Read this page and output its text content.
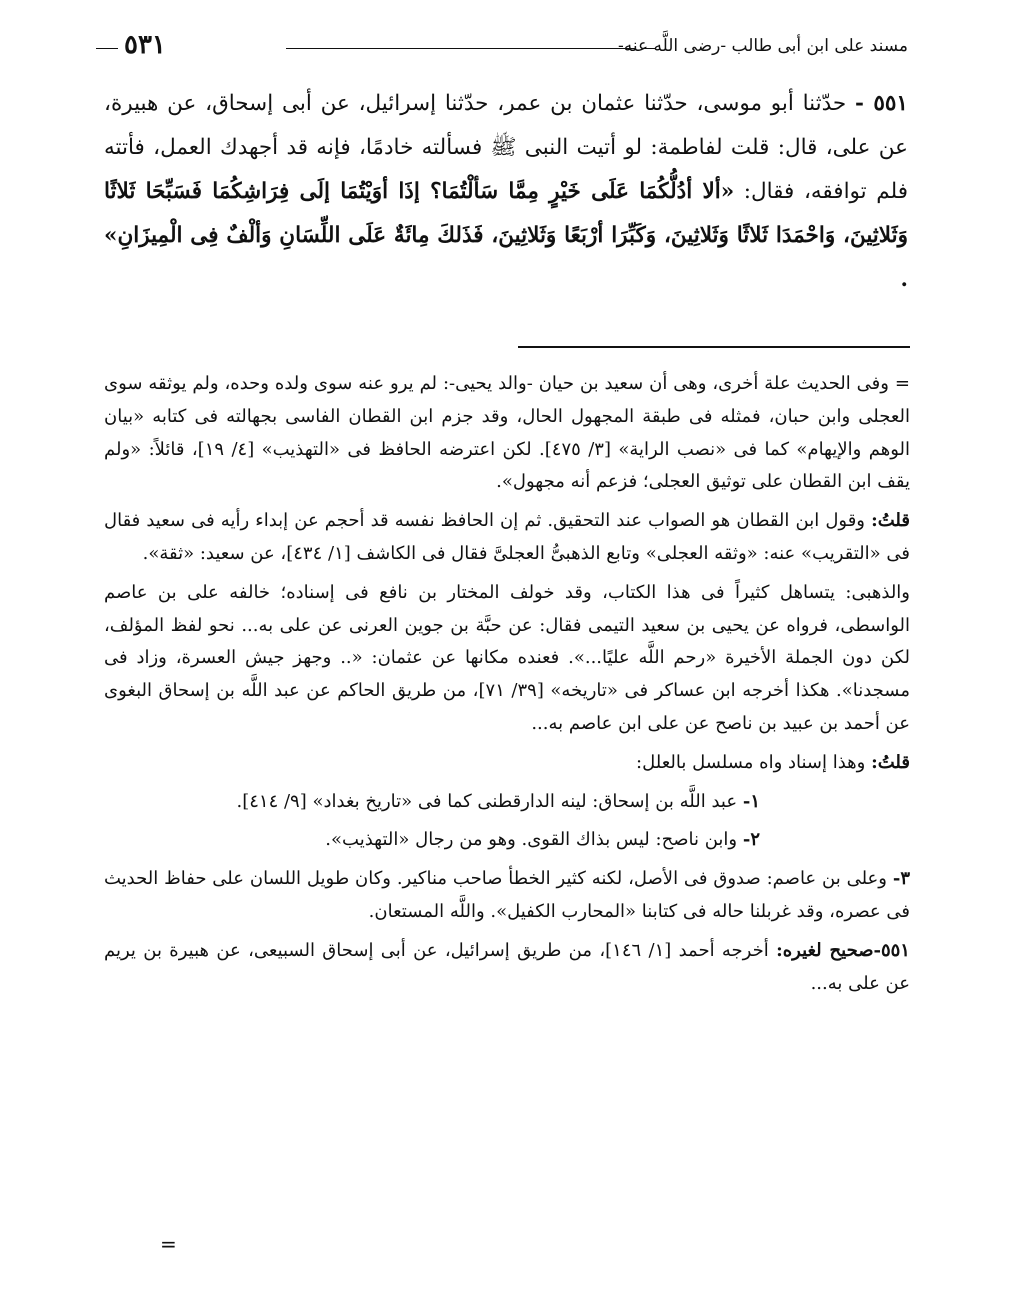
مسند على ابن أبى طالب -رضى اللَّه عنه-
٥٣١

٥٥١ - حدّثنا أبو موسى، حدّثنا عثمان بن عمر، حدّثنا إسرائيل، عن أبى إسحاق، عن هبيرة، عن على، قال: قلت لفاطمة: لو أتيت النبى ﷺ فسألته خادمًا، فإنه قد أجهدك العمل، فأتته فلم توافقه، فقال: «ألا أدُلُّكُمَا عَلَى خَيْرٍ مِمَّا سَألْتُمَا؟ إذَا أوَيْتُمَا إلَى فِرَاشِكُمَا فَسَبِّحَا ثَلاثًا وَثَلاثِينَ، وَاحْمَدَا ثَلاثًا وَثَلاثِينَ، وَكَبِّرَا أرْبَعًا وَثَلاثِينَ، فَذَلكَ مِائَةٌ عَلَى اللِّسَانِ وَألْفٌ فِى الْمِيزَانِ» .

= وفى الحديث علة أخرى، وهى أن سعيد بن حيان -والد يحيى-: لم يرو عنه سوى ولده وحده، ولم يوثقه سوى العجلى وابن حبان، فمثله فى طبقة المجهول الحال، وقد جزم ابن القطان الفاسى بجهالته فى كتابه «بيان الوهم والإيهام» كما فى «نصب الراية» [٣/ ٤٧٥]. لكن اعترضه الحافظ فى «التهذيب» [٤/ ١٩]، قائلاً: «ولم يقف ابن القطان على توثيق العجلى؛ فزعم أنه مجهول».

قلتُ: وقول ابن القطان هو الصواب عند التحقيق. ثم إن الحافظ نفسه قد أحجم عن إبداء رأيه فى سعيد فقال فى «التقريب» عنه: «وثقه العجلى» وتابع الذهبىُّ العجلىَّ فقال فى الكاشف [١/ ٤٣٤]، عن سعيد: «ثقة».

والذهبى: يتساهل كثيراً فى هذا الكتاب، وقد خولف المختار بن نافع فى إسناده؛ خالفه على بن عاصم الواسطى، فرواه عن يحيى بن سعيد التيمى فقال: عن حبَّة بن جوين العرنى عن على به... نحو لفظ المؤلف، لكن دون الجملة الأخيرة «رحم اللَّه عليًا...». فعنده مكانها عن عثمان: «.. وجهز جيش العسرة، وزاد فى مسجدنا». هكذا أخرجه ابن عساكر فى «تاريخه» [٣٩/ ٧١]، من طريق الحاكم عن عبد اللَّه بن إسحاق البغوى عن أحمد بن عبيد بن ناصح عن على ابن عاصم به...

قلتُ: وهذا إسناد واه مسلسل بالعلل:

١- عبد اللَّه بن إسحاق: لينه الدارقطنى كما فى «تاريخ بغداد» [٩/ ٤١٤].

٢- وابن ناصح: ليس بذاك القوى. وهو من رجال «التهذيب».

٣- وعلى بن عاصم: صدوق فى الأصل، لكنه كثير الخطأ صاحب مناكير. وكان طويل اللسان على حفاظ الحديث فى عصره، وقد غربلنا حاله فى كتابنا «المحارب الكفيل». واللَّه المستعان.

٥٥١-صحيح لغيره: أخرجه أحمد [١/ ١٤٦]، من طريق إسرائيل، عن أبى إسحاق السبيعى، عن هبيرة بن يريم عن على به...

=
